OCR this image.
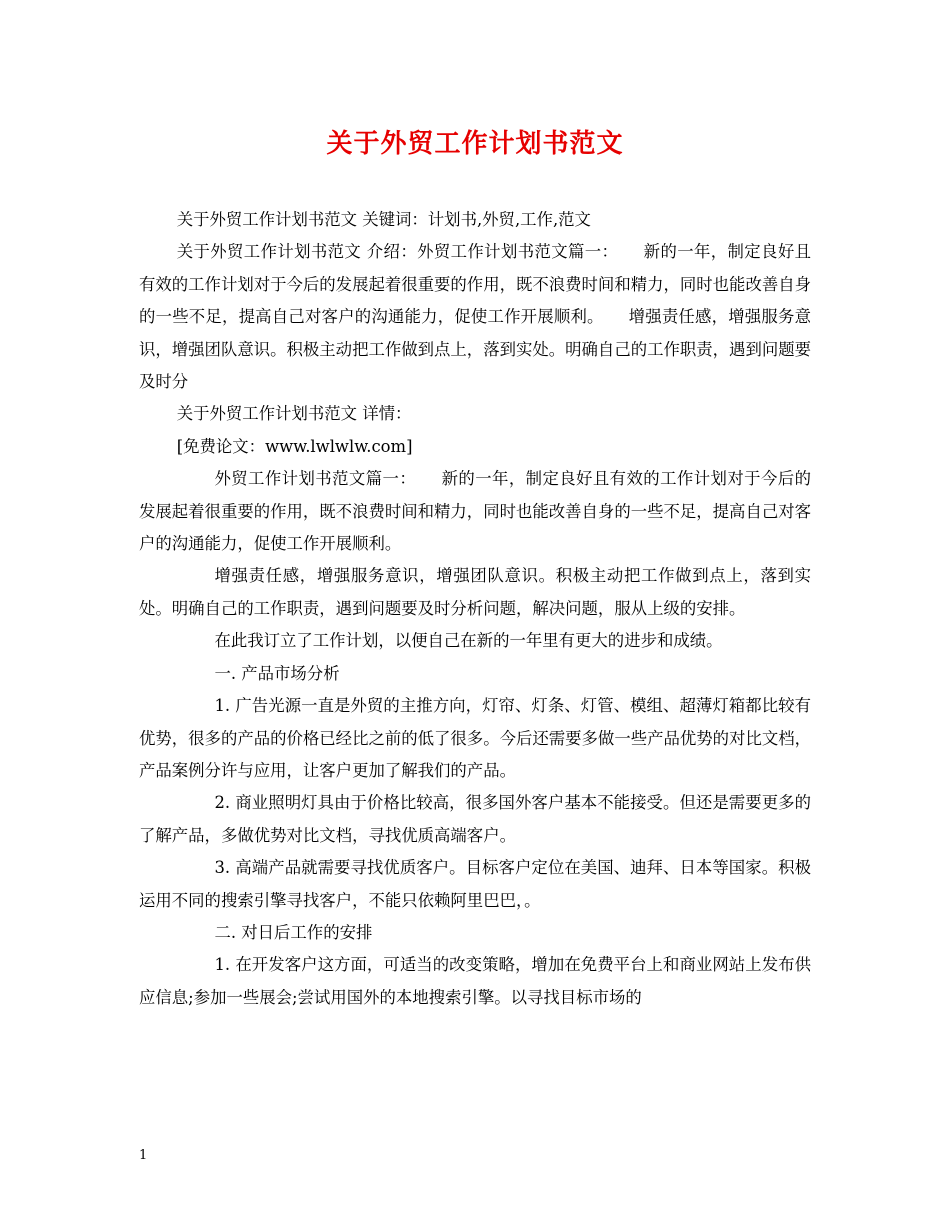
关于外贸工作计划书范文

关于外贸工作计划书范文 关键词：计划书,外贸,工作,范文

关于外贸工作计划书范文 介绍：外贸工作计划书范文篇一：　　新的一年，制定良好且有效的工作计划对于今后的发展起着很重要的作用，既不浪费时间和精力，同时也能改善自身的一些不足，提高自己对客户的沟通能力，促使工作开展顺利。　　增强责任感，增强服务意识，增强团队意识。积极主动把工作做到点上，落到实处。明确自己的工作职责，遇到问题要及时分

关于外贸工作计划书范文 详情：

[免费论文：www.lwlwlw.com]

外贸工作计划书范文篇一：　　新的一年，制定良好且有效的工作计划对于今后的发展起着很重要的作用，既不浪费时间和精力，同时也能改善自身的一些不足，提高自己对客户的沟通能力，促使工作开展顺利。

增强责任感，增强服务意识，增强团队意识。积极主动把工作做到点上，落到实处。明确自己的工作职责，遇到问题要及时分析问题，解决问题，服从上级的安排。

在此我订立了工作计划，以便自己在新的一年里有更大的进步和成绩。

一. 产品市场分析

1. 广告光源一直是外贸的主推方向，灯帘、灯条、灯管、模组、超薄灯箱都比较有优势，很多的产品的价格已经比之前的低了很多。今后还需要多做一些产品优势的对比文档，产品案例分许与应用，让客户更加了解我们的产品。

2. 商业照明灯具由于价格比较高，很多国外客户基本不能接受。但还是需要更多的了解产品，多做优势对比文档，寻找优质高端客户。

3. 高端产品就需要寻找优质客户。目标客户定位在美国、迪拜、日本等国家。积极运用不同的搜索引擎寻找客户，不能只依赖阿里巴巴，。

二. 对日后工作的安排

1. 在开发客户这方面，可适当的改变策略，增加在免费平台上和商业网站上发布供应信息;参加一些展会;尝试用国外的本地搜索引擎。以寻找目标市场的

1
